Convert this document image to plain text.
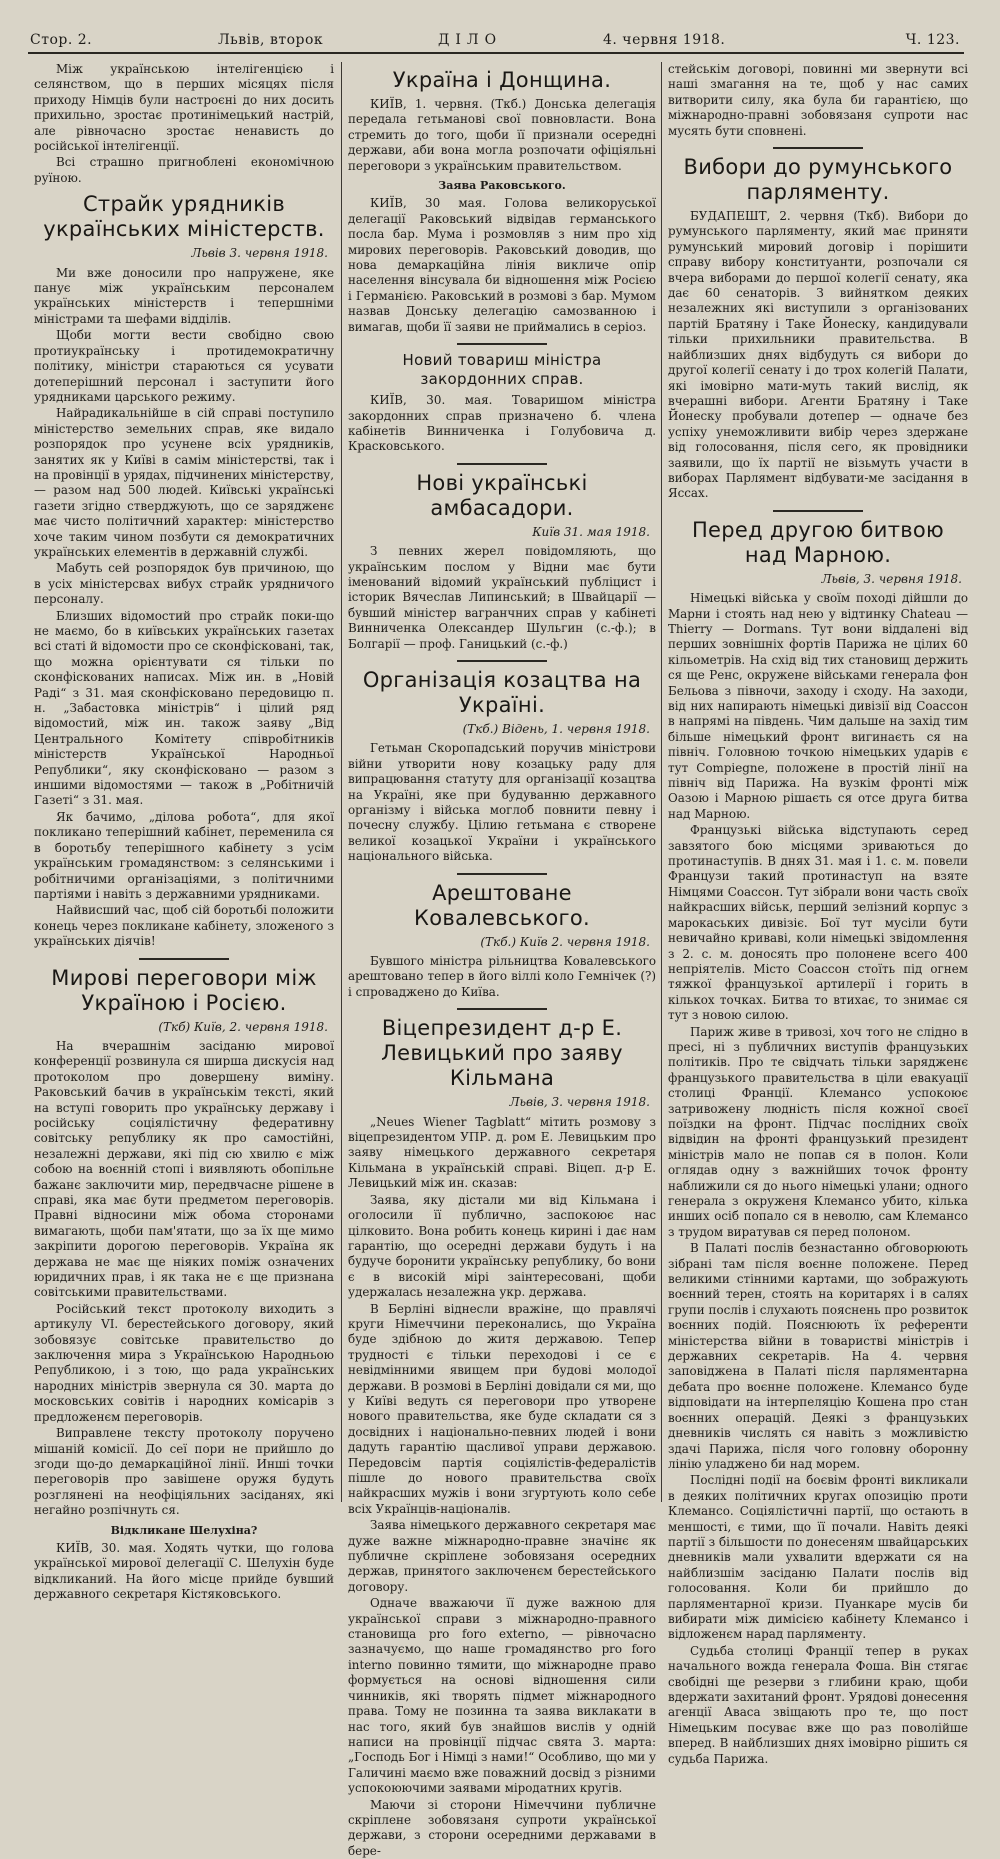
Стор. 2.	Львів, второк	ДІЛО	4. червня 1918.	Ч. 123.

Між українською інтелігенцією і селянством, що в перших місяцях після приходу Німців були настроєні до них досить прихильно, зростає протинімецький настрій, але рівночасно зростає ненависть до російської інтелігенції.

Всі страшно пригноблені економічною руїною.

Страйк урядників українських міністерств.
Львів 3. червня 1918.

Ми вже доносили про напружене, яке панує між українським персоналем українських міністерств і тепершніми міністрами та шефами відділів.

Щоби могти вести свобідно свою протиукраїнську і протидемократичну політику, міністри стараються ся усувати дотеперішний персонал і заступити його урядниками царського режиму.

Найрадикальнійше в сій справі поступило міністерство земельних справ, яке видало розпорядок про усунене всіх урядників, занятих як у Київі в самім міністерстві, так і на провінції в урядах, підчинених міністерству, — разом над 500 людей. Київські українські газети згідно стверджують, що се зарядженє має чисто політичний характер: міністерство хоче таким чином позбути ся демократичних українських елементів в державній службі.

Мабуть сей розпорядок був причиною, що в усіх міністерсвах вибух страйк урядничого персоналу.

Близших відомостий про страйк поки-що не маємо, бо в київських українських газетах всі статі й відомости про се сконфісковані, так, що можна орієнтувати ся тільки по сконфіскованих написах. Між ин. в „Новій Раді“ з 31. мая сконфісковано передовицю п. н. „Забастовка міністрів“ і цілий ряд відомостий, між ин. також заяву „Від Центрального Комітету співробітників міністерств Української Народньої Републики“, яку сконфісковано — разом з иншими відомостями — також в „Робітничій Газеті“ з 31. мая.

Як бачимо, „ділова робота“, для якої покликано теперішний кабінет, переменила ся в боротьбу теперішного кабінету з усім українським громадянством: з селянськими і робітничими організаціями, з політичними партіями і навіть з державними урядниками.

Найвисший час, щоб сій боротьбі положити конець через покликане кабінету, зложеного з українських діячів!

Мирові переговори між Україною і Росією.
(Ткб) Київ, 2. червня 1918.

На вчерашнім засіданю мирової конференції розвинула ся ширша дискусія над протоколом про довершену виміну. Раковський бачив в українськім тексті, який на вступі говорить про українську державу і російську соціялістичну федеративну совітську републику як про самостійні, незалежні держави, які під сю хвилю є між собою на воєнній стопі і виявляють обопільне бажанє заключити мир, передвчасне рішене в справі, яка має бути предметом переговорів. Правні відносини між обома сторонами вимагають, щоби пам'ятати, що за їх ще мимо закріпити дорогою переговорів. Україна як держава не має ще ніяких поміж означених юридичних прав, і як така не є ще признана совітськими правительствами.

Російський текст протоколу виходить з артикулу VI. берестейського договору, який зобовязує совітське правительство до заключення мира з Українською Народньою Републикою, і з тою, що рада українських народних міністрів звернула ся 30. марта до московських совітів і народних комісарів з предложенєм переговорів.

Виправлене тексту протоколу поручено мішаній комісії. До сеї пори не прийшло до згоди що-до демаркаційної лінії. Инші точки переговорів про завішене оружя будуть розглянені на неофіціяльних засіданях, які негайно розпічнуть ся.

Відкликане Шелухіна?

КИЇВ, 30. мая. Ходять чутки, що голова української мирової делегації С. Шелухін буде відкликаний. На його місце прийде бувший державного секретаря Кістяковського.

Україна і Донщина.

КИЇВ, 1. червня. (Ткб.) Донська делегація передала гетьманові свої повновласти. Вона стремить до того, щоби її признали осередні держави, аби вона могла розпочати офіціяльні переговори з українським правительством.

Заява Раковського.

КИЇВ, 30 мая. Голова великоруської делегації Раковський відвідав германського посла бар. Мума і розмовляв з ним про хід мирових переговорів. Раковський доводив, що нова демаркаційна лінія викличе опір населення вінсувала би відношення між Росією і Германією. Раковський в розмові з бар. Мумом назвав Донську делегацію самозванною і вимагав, щоби її заяви не приймались в серіоз.

Новий товариш міністра закордонних справ.

КИЇВ, 30. мая. Товаришом міністра закордонних справ призначено б. члена кабінетів Винниченка і Голубовича д. Красковського.

Нові українські амбасадори.
Київ 31. мая 1918.

З певних жерел повідомляють, що українським послом у Відни має бути іменований відомий український публіцист і історик Вячеслав Липинський; в Швайцарії — бувший міністер вагранчних справ у кабінеті Винниченка Олександер Шульгин (с.-ф.); в Болгарії — проф. Ганицький (с.-ф.)

Організація козацтва на Україні.
(Ткб.) Відень, 1. червня 1918.

Гетьман Скоропадський поручив міністрови війни утворити нову козацьку раду для випрацювання статуту для організації козацтва на Україні, яке при будуванню державного організму і війська моглоб повнити певну і почесну службу. Цілию гетьмана є створене великої козацької України і українського національного війська.

Арештоване Ковалевського.
(Ткб.) Київ 2. червня 1918.

Бувшого міністра рільництва Ковалевського арештовано тепер в його віллі коло Гемнічек (?) і спроваджено до Київа.

Віцепрезидент д-р Е. Левицький про заяву Кільмана
Львів, 3. червня 1918.

„Neues Wiener Tagblatt“ мітить розмову з віцепрезидентом УПР. д. ром Е. Левицьким про заяву німецького державного секретаря Кільмана в українській справі. Віцеп. д-р Е. Левицький між ин. сказав:

Заява, яку дістали ми від Кільмана і оголосили її публично, заспокоює нас цілковито. Вона робить конець кирині і дає нам гарантію, що осередні держави будуть і на будуче боронити українську републику, бо вони є в високій мірі заінтересовані, щоби удержалась незалежна укр. держава.

В Берліні віднесли вражіне, що правлячі круги Німеччини переконались, що Україна буде здібною до житя державою. Тепер трудності є тільки переходові і се є невідмінними явищем при будові молодої держави. В розмові в Берліні довідали ся ми, що у Київі ведуть ся переговори про утворене нового правительства, яке буде складати ся з досвідних і національно-певних людей і вони дадуть гарантію щасливої управи державою. Передовсім партія соціялістів-федералістів пішле до нового правительства своїх найкрасших мужів і вони згуртують коло себе всіх Українців-націоналів.

Заява німецького державного секретаря має дуже важне міжнародно-правне значінє як публичне скріплене зобовязаня осередних держав, принятого заключенєм берестейського договору.

Одначе вважаючи її дуже важною для української справи з міжнародно-правного становища pro foro externo, — рівночасно зазначуємо, що наше громадянство pro foro interno повинно тямити, що міжнародне право формується на основі відношення сили чинників, які творять підмет міжнародного права. Тому не позинна та заява виклакати в нас того, який був знайшов вислів у одній написи на провінції підчас свята 3. марта: „Господь Бог і Німці з нами!“ Особливо, що ми у Галичині маємо вже поважний досвід з різними успокоюючими заявами міродатних кругів.

Маючи зі сторони Німеччини публичне скріплене зобовязаня супроти української держави, з сторони осередними державами в бере-

стейськім договорі, повинні ми звернути всі наші змагання на те, щоб у нас самих витворити силу, яка була би гарантією, що міжнародно-правні зобовязаня супроти нас мусять бути сповнені.

Вибори до румунського парляменту.

БУДАПЕШТ, 2. червня (Ткб). Вибори до румунського парляменту, який має приняти румунський мировий договір і порішити справу вибору конституанти, розпочали ся вчера виборами до першої колегії сенату, яка дає 60 сенаторів. З вийнятком деяких незалежних які виступили з організованих партій Братяну і Таке Йонеску, кандидували тільки прихильники правительства. В найблизших днях відбудуть ся вибори до другої колегії сенату і до трох колегій Палати, які імовірно мати-муть такий вислід, як вчерашні вибори. Агенти Братяну і Таке Йонеску пробували дотепер — одначе без успіху унеможливити вибір через здержане від голосовання, після сего, як провідники заявили, що їх партії не візьмуть участи в виборах Парлямент відбувати-ме засідання в Яссах.

Перед другою битвою над Марною.
Львів, 3. червня 1918.

Німецькі війська у своїм поході дійшли до Марни і стоять над нею у відтинку Chateau — Thierry — Dormans. Тут вони віддалені від перших зовнішніх фортів Парижа не цілих 60 кільометрів. На схід від тих становищ держить ся ще Ренс, окружене військами генерала фон Бельова з півночи, заходу і сходу. На заходи, від них напирають німецькі дивізії від Соассон в напрямі на південь. Чим дальше на захід тим більше німецький фронт вигинаєть ся на північ. Головною точкою німецьких ударів є тут Compiegne, положене в простій лінії на північ від Парижа. На вузкім фронті між Оазою і Марною рішаєть ся отсе друга битва над Марною.

Французькі війська відступають серед завзятого бою місцями зриваються до протинаступів. В днях 31. мая і 1. с. м. повели Французи такий протинаступ на взяте Німцями Соассон. Тут зібрали вони часть своїх найкрасших військ, перший зелізний корпус з марокаських дивізіє. Бої тут мусіли бути невичайно криваві, коли німецькі звідомлення з 2. с. м. доносять про полонене всего 400 непріятелів. Місто Соассон стоїть під огнем тяжкої французької артилерії і горить в кількох точках. Битва то втихає, то знимає ся тут з новою силою.

Париж живе в тривозі, хоч того не слідно в пресі, ні з публичних виступів французьких політиків. Про те свідчать тільки зарядженє французького правительства в ціли евакуації столиці Франції. Клемансо успокоює затривожену людність після кожної своєї поїздки на фронт. Підчас послідних своїх відвідин на фронті французький президент міністрів мало не попав ся в полон. Коли оглядав одну з важнійших точок фронту наближили ся до нього німецькі улани; одного генерала з окруженя Клемансо убито, кілька инших осіб попало ся в неволю, сам Клемансо з трудом виратував ся перед полоном.

В Палаті послів безнастанно обговорюють зібрані там після воєнне положене. Перед великими стінними картами, що зображують воєнний терен, стоять на коритарях і в салях групи послів і слухають пояснень про розвиток воєнних подій. Пояснюють їх референти міністерства війни в товаристві міністрів і державних секретарів. На 4. червня заповіджена в Палаті після парляментарна дебата про воєнне положене. Клемансо буде відповідати на інтерпеляцію Кошена про стан воєнних операцій. Деякі з французьких дневників числять ся навіть з можливістю здачі Парижа, після чого головну оборонну лінію уладжено би над морем.

Послідні події на боєвім фронті викликали в деяких політичних кругах опозицію проти Клемансо. Соціялістичні партії, що остають в меншості, є тими, що її почали. Навіть деякі партії з більшости по донесеням швайцарських дневників мали ухвалити вдержати ся на найблизшім засіданю Палати послів від голосовання. Коли би прийшло до парляментарної кризи. Пуанкаре мусів би вибирати між димісією кабінету Клемансо і відложенєм нарад парляменту.

Судьба столиці Франції тепер в руках начального вожда генерала Фоша. Він стягає свобідні ще резерви з глибини краю, щоби вдержати захитаний фронт. Урядові донесення агенції Аваса звіщають про те, що пост Німецьким посуває вже що раз поволійше вперед. В найблизших днях імовірно рішить ся судьба Парижа.
